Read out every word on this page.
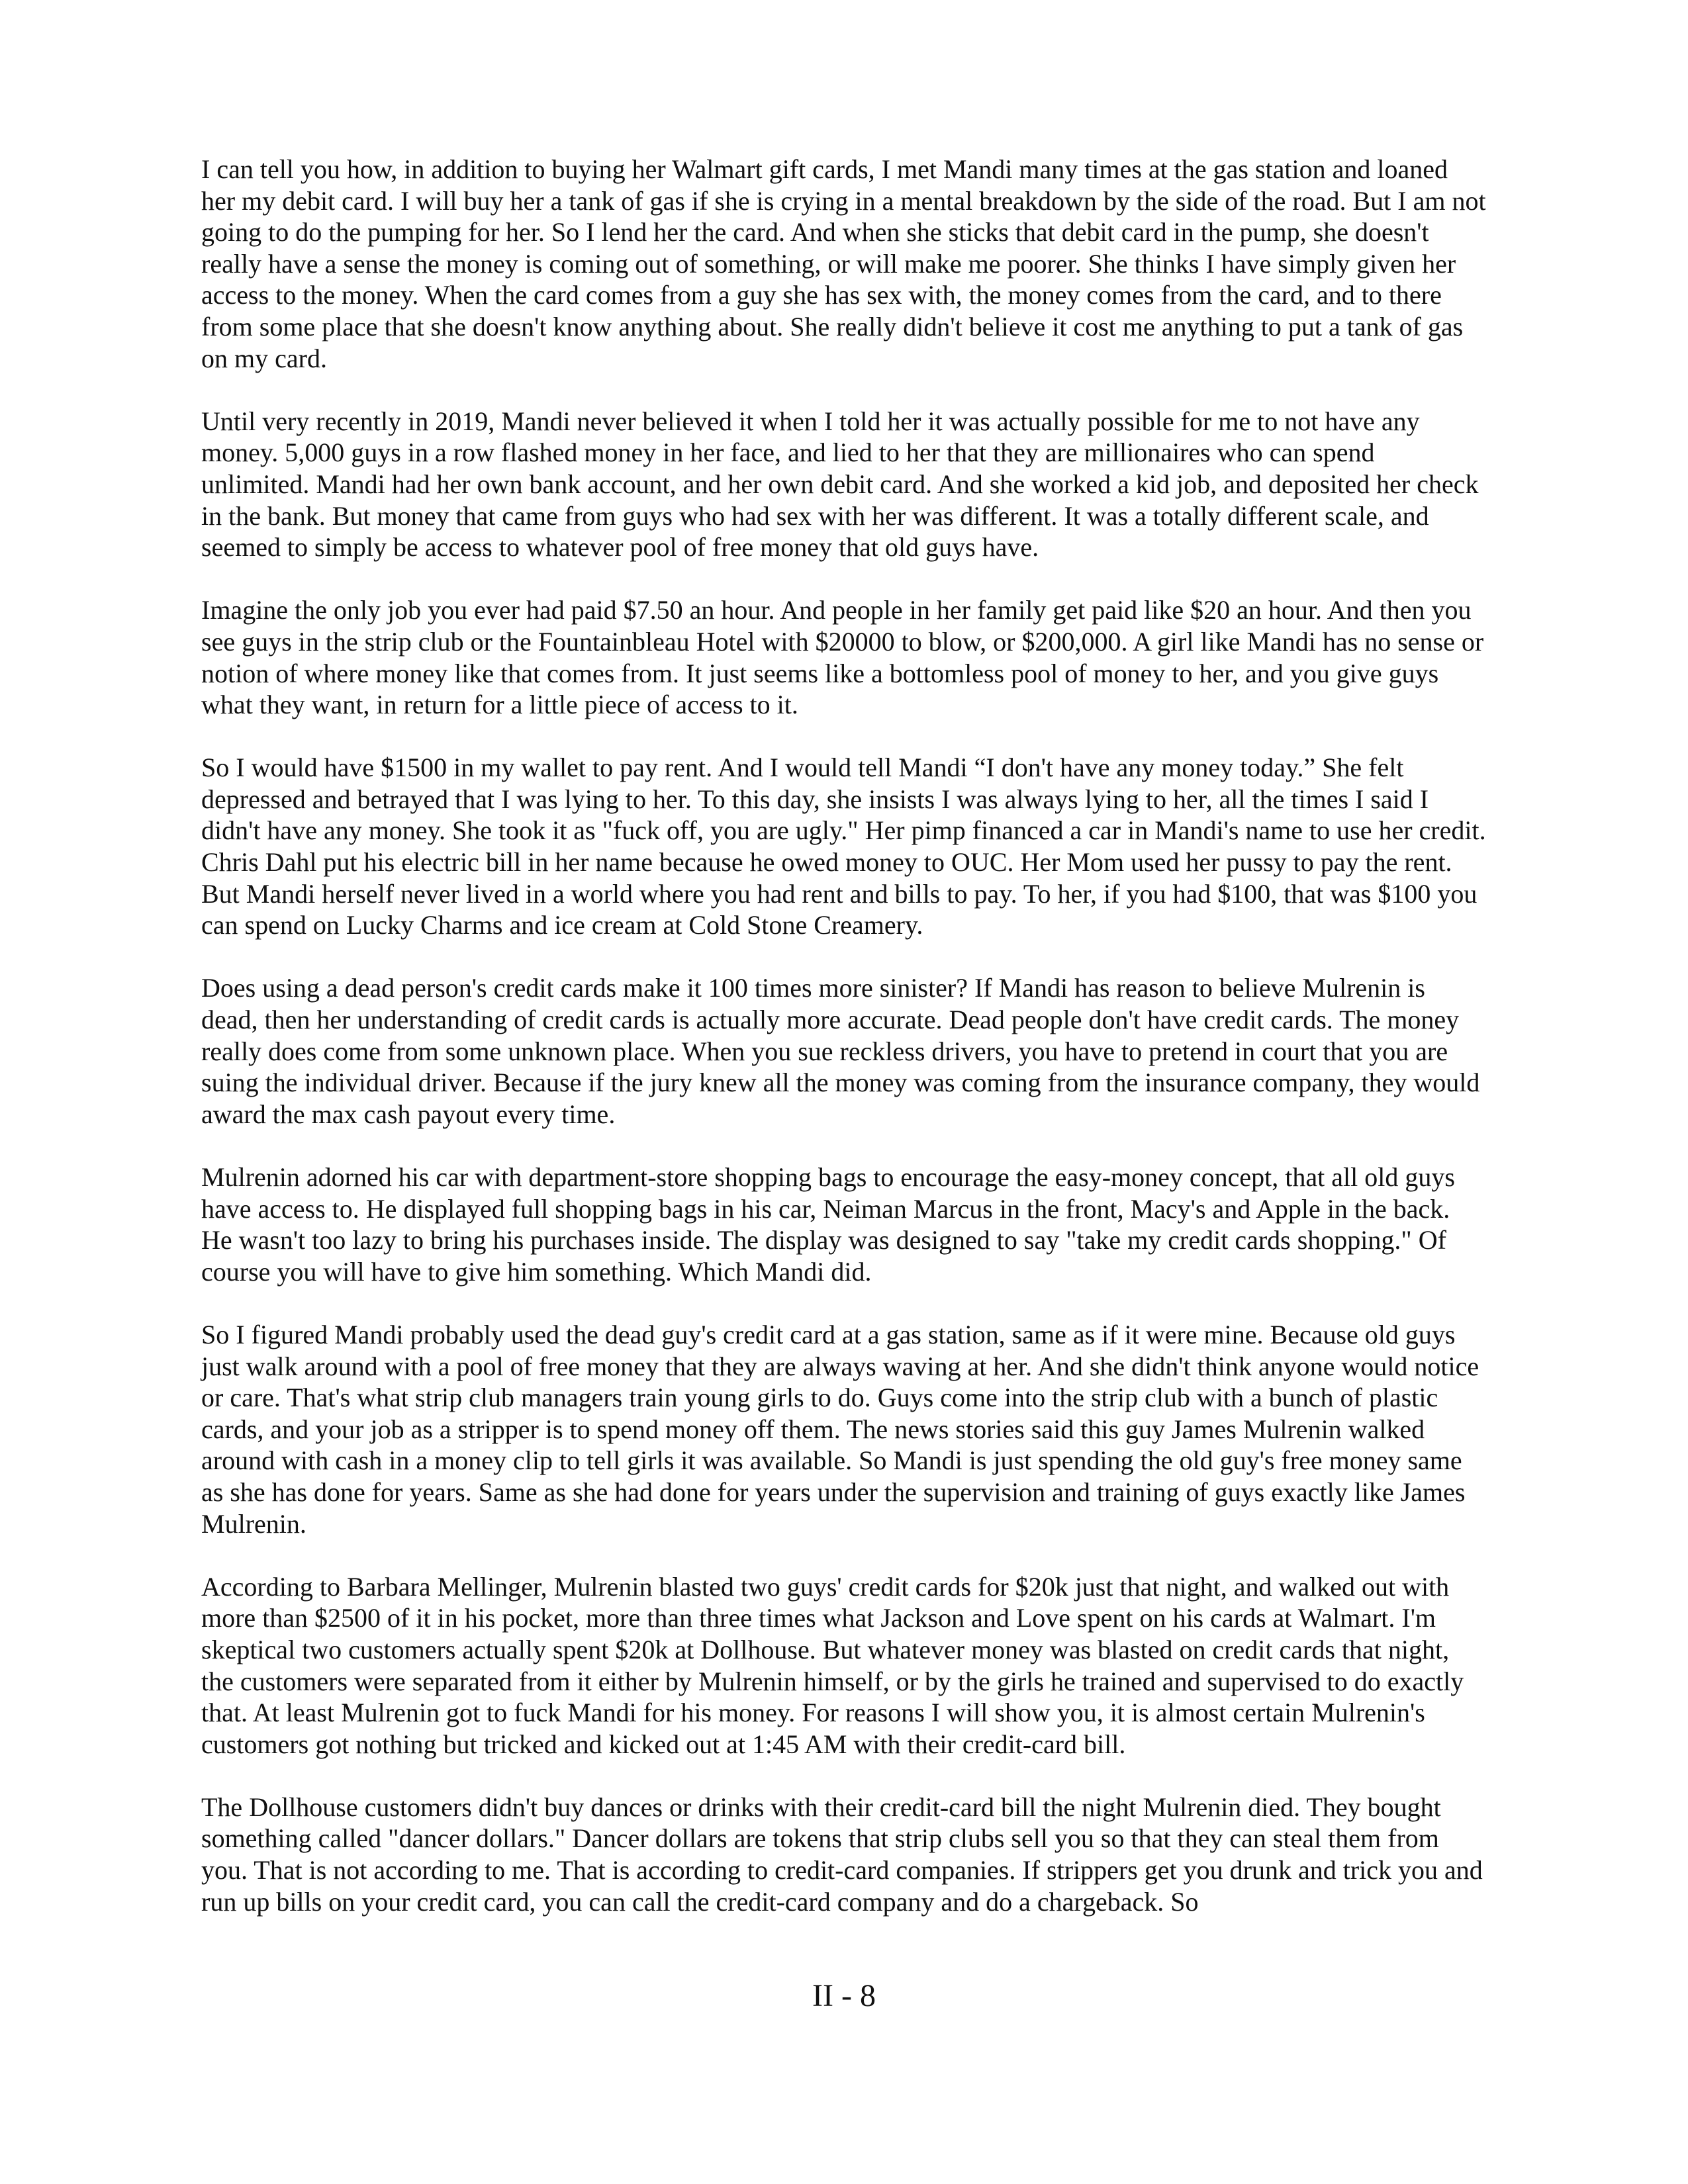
I can tell you how, in addition to buying her Walmart gift cards, I met Mandi many times at the gas station and loaned her my debit card. I will buy her a tank of gas if she is crying in a mental breakdown by the side of the road. But I am not going to do the pumping for her. So I lend her the card. And when she sticks that debit card in the pump, she doesn't really have a sense the money is coming out of something, or will make me poorer. She thinks I have simply given her access to the money. When the card comes from a guy she has sex with, the money comes from the card, and to there from some place that she doesn't know anything about. She really didn't believe it cost me anything to put a tank of gas on my card.

Until very recently in 2019, Mandi never believed it when I told her it was actually possible for me to not have any money. 5,000 guys in a row flashed money in her face, and lied to her that they are millionaires who can spend unlimited. Mandi had her own bank account, and her own debit card. And she worked a kid job, and deposited her check in the bank. But money that came from guys who had sex with her was different. It was a totally different scale, and seemed to simply be access to whatever pool of free money that old guys have.

Imagine the only job you ever had paid $7.50 an hour. And people in her family get paid like $20 an hour. And then you see guys in the strip club or the Fountainbleau Hotel with $20000 to blow, or $200,000. A girl like Mandi has no sense or notion of where money like that comes from. It just seems like a bottomless pool of money to her, and you give guys what they want, in return for a little piece of access to it.

So I would have $1500 in my wallet to pay rent. And I would tell Mandi “I don't have any money today.” She felt depressed and betrayed that I was lying to her. To this day, she insists I was always lying to her, all the times I said I didn't have any money. She took it as "fuck off, you are ugly." Her pimp financed a car in Mandi's name to use her credit. Chris Dahl put his electric bill in her name because he owed money to OUC. Her Mom used her pussy to pay the rent. But Mandi herself never lived in a world where you had rent and bills to pay. To her, if you had $100, that was $100 you can spend on Lucky Charms and ice cream at Cold Stone Creamery.

Does using a dead person's credit cards make it 100 times more sinister? If Mandi has reason to believe Mulrenin is dead, then her understanding of credit cards is actually more accurate. Dead people don't have credit cards. The money really does come from some unknown place. When you sue reckless drivers, you have to pretend in court that you are suing the individual driver. Because if the jury knew all the money was coming from the insurance company, they would award the max cash payout every time.

Mulrenin adorned his car with department-store shopping bags to encourage the easy-money concept, that all old guys have access to. He displayed full shopping bags in his car, Neiman Marcus in the front, Macy's and Apple in the back. He wasn't too lazy to bring his purchases inside. The display was designed to say "take my credit cards shopping." Of course you will have to give him something. Which Mandi did.

So I figured Mandi probably used the dead guy's credit card at a gas station, same as if it were mine. Because old guys just walk around with a pool of free money that they are always waving at her. And she didn't think anyone would notice or care. That's what strip club managers train young girls to do. Guys come into the strip club with a bunch of plastic cards, and your job as a stripper is to spend money off them. The news stories said this guy James Mulrenin walked around with cash in a money clip to tell girls it was available. So Mandi is just spending the old guy's free money same as she has done for years. Same as she had done for years under the supervision and training of guys exactly like James Mulrenin.

According to Barbara Mellinger, Mulrenin blasted two guys' credit cards for $20k just that night, and walked out with more than $2500 of it in his pocket, more than three times what Jackson and Love spent on his cards at Walmart. I'm skeptical two customers actually spent $20k at Dollhouse. But whatever money was blasted on credit cards that night, the customers were separated from it either by Mulrenin himself, or by the girls he trained and supervised to do exactly that. At least Mulrenin got to fuck Mandi for his money. For reasons I will show you, it is almost certain Mulrenin's customers got nothing but tricked and kicked out at 1:45 AM with their credit-card bill.

The Dollhouse customers didn't buy dances or drinks with their credit-card bill the night Mulrenin died. They bought something called "dancer dollars." Dancer dollars are tokens that strip clubs sell you so that they can steal them from you. That is not according to me. That is according to credit-card companies. If strippers get you drunk and trick you and run up bills on your credit card, you can call the credit-card company and do a chargeback. So

II - 8
